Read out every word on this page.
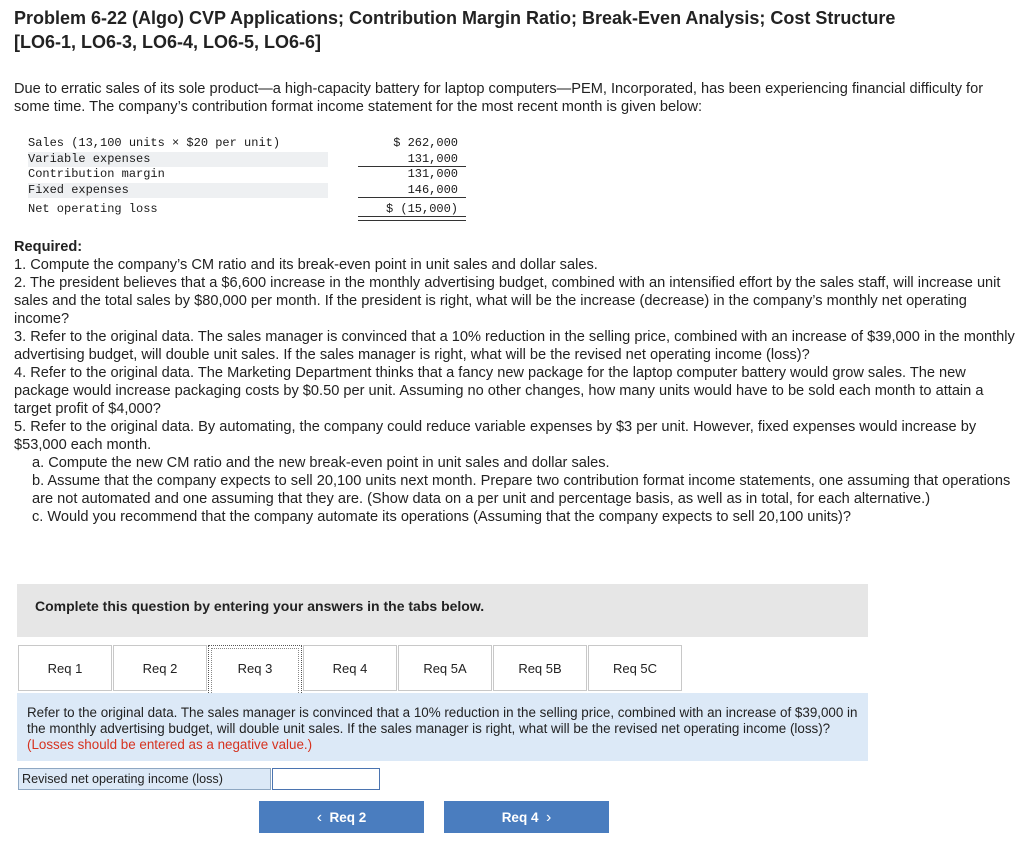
Problem 6-22 (Algo) CVP Applications; Contribution Margin Ratio; Break-Even Analysis; Cost Structure
[LO6-1, LO6-3, LO6-4, LO6-5, LO6-6]
Due to erratic sales of its sole product—a high-capacity battery for laptop computers—PEM, Incorporated, has been experiencing financial difficulty for some time. The company’s contribution format income statement for the most recent month is given below:
Sales (13,100 units × $20 per unit)	$ 262,000
Variable expenses	131,000
Contribution margin	131,000
Fixed expenses	146,000
Net operating loss	$ (15,000)
Required:
1. Compute the company’s CM ratio and its break-even point in unit sales and dollar sales.
2. The president believes that a $6,600 increase in the monthly advertising budget, combined with an intensified effort by the sales staff, will increase unit sales and the total sales by $80,000 per month. If the president is right, what will be the increase (decrease) in the company’s monthly net operating income?
3. Refer to the original data. The sales manager is convinced that a 10% reduction in the selling price, combined with an increase of $39,000 in the monthly advertising budget, will double unit sales. If the sales manager is right, what will be the revised net operating income (loss)?
4. Refer to the original data. The Marketing Department thinks that a fancy new package for the laptop computer battery would grow sales. The new package would increase packaging costs by $0.50 per unit. Assuming no other changes, how many units would have to be sold each month to attain a target profit of $4,000?
5. Refer to the original data. By automating, the company could reduce variable expenses by $3 per unit. However, fixed expenses would increase by $53,000 each month.
a. Compute the new CM ratio and the new break-even point in unit sales and dollar sales.
b. Assume that the company expects to sell 20,100 units next month. Prepare two contribution format income statements, one assuming that operations are not automated and one assuming that they are. (Show data on a per unit and percentage basis, as well as in total, for each alternative.)
c. Would you recommend that the company automate its operations (Assuming that the company expects to sell 20,100 units)?
Complete this question by entering your answers in the tabs below.
Req 1	Req 2	Req 3	Req 4	Req 5A	Req 5B	Req 5C
Refer to the original data. The sales manager is convinced that a 10% reduction in the selling price, combined with an increase of $39,000 in the monthly advertising budget, will double unit sales. If the sales manager is right, what will be the revised net operating income (loss)? (Losses should be entered as a negative value.)
Revised net operating income (loss)
‹ Req 2	Req 4 ›
